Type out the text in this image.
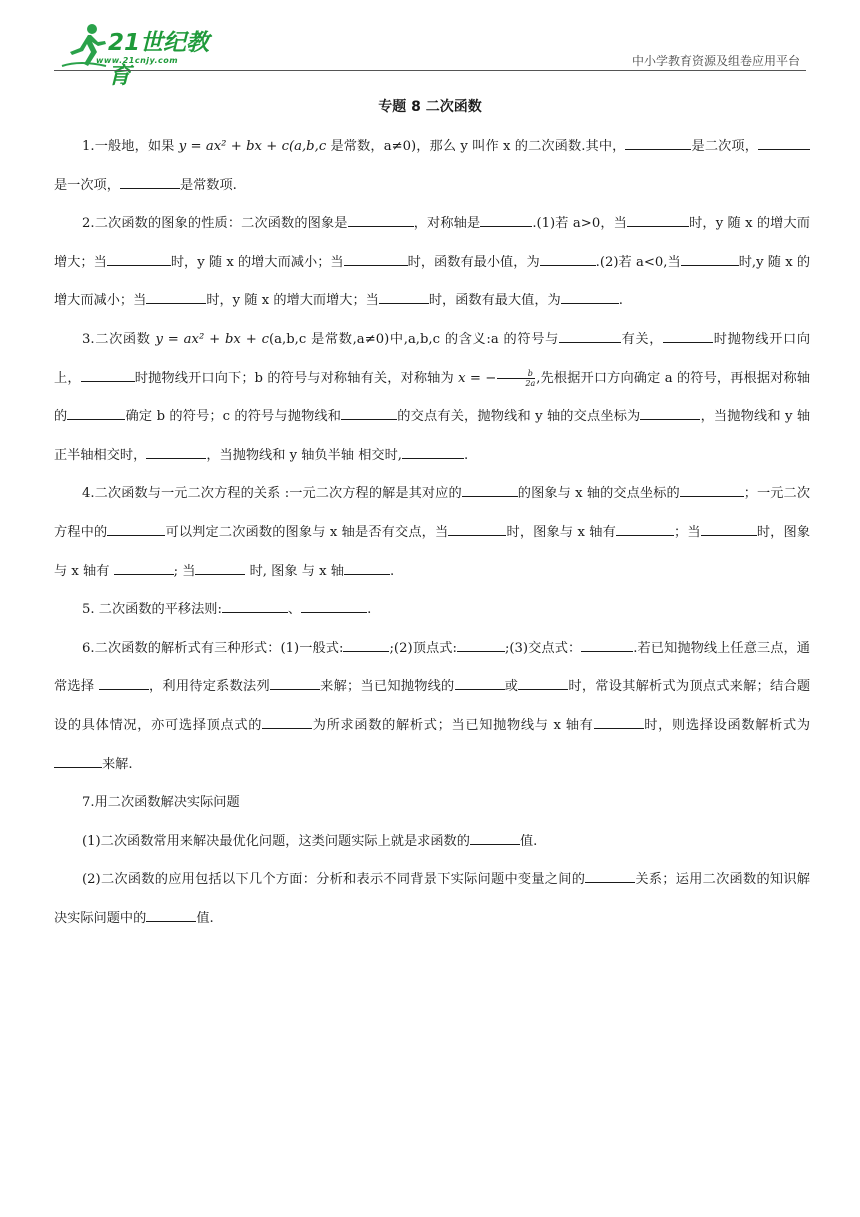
21世纪教育
www.21cnjy.com	中小学教育资源及组卷应用平台
专题 8 二次函数

1.一般地，如果 y = ax² + bx + c(a,b,c 是常数，a≠0)，那么 y 叫作 x 的二次函数.其中，	是二次项，是一次项，	是常数项.

2.二次函数的图象的性质：二次函数的图象是	，对称轴是	.(1)若 a>0，当	时，y 随 x 的增大而增大；当	时，y 随 x 的增大而减小；当	时，函数有最小值，为	.(2)若 a<0,当	时,y 随 x 的增大而减小；当	时，y 随 x 的增大而增大；当	时，函数有最大值，为	.

3.二次函数 y = ax² + bx + c(a,b,c 是常数,a≠0)中,a,b,c 的含义:a 的符号与	有关，	时抛物线开口向上，	时抛物线开口向下；b 的符号与对称轴有关，对称轴为 x = − $\frac{b}{2a}$ ,先根据开口方向确定 a 的符号，再根据对称轴的	确定 b 的符号；c 的符号与抛物线和	的交点有关，抛物线和 y 轴的交点坐标为	，当抛物线和 y 轴正半轴相交时，	，当抛物线和 y 轴负半轴 相交时,	.

4.二次函数与一元二次方程的关系 :一元二次方程的解是其对应的	的图象与 x 轴的交点坐标的	；一元二次方程中的	可以判定二次函数的图象与 x 轴是否有交点，当	时，图象与 x 轴有	；当	时，图象与 x 轴有	; 当	时, 图象 与 x 轴	.

5. 二次函数的平移法则:	、	.

6.二次函数的解析式有三种形式：(1)一般式:	;(2)顶点式:	;(3)交点式：	.若已知抛物线上任意三点，通常选择	，利用待定系数法列	来解；当已知抛物线的	或	时，常设其解析式为顶点式来解；结合题设的具体情况，亦可选择顶点式的	为所求函数的解析式；当已知抛物线与 x 轴有	时，则选择设函数解析式为来解.

7.用二次函数解决实际问题

(1)二次函数常用来解决最优化问题，这类问题实际上就是求函数的	值.

(2)二次函数的应用包括以下几个方面：分析和表示不同背景下实际问题中变量之间的	关系；运用二次函数的知识解决实际问题中的	值.
